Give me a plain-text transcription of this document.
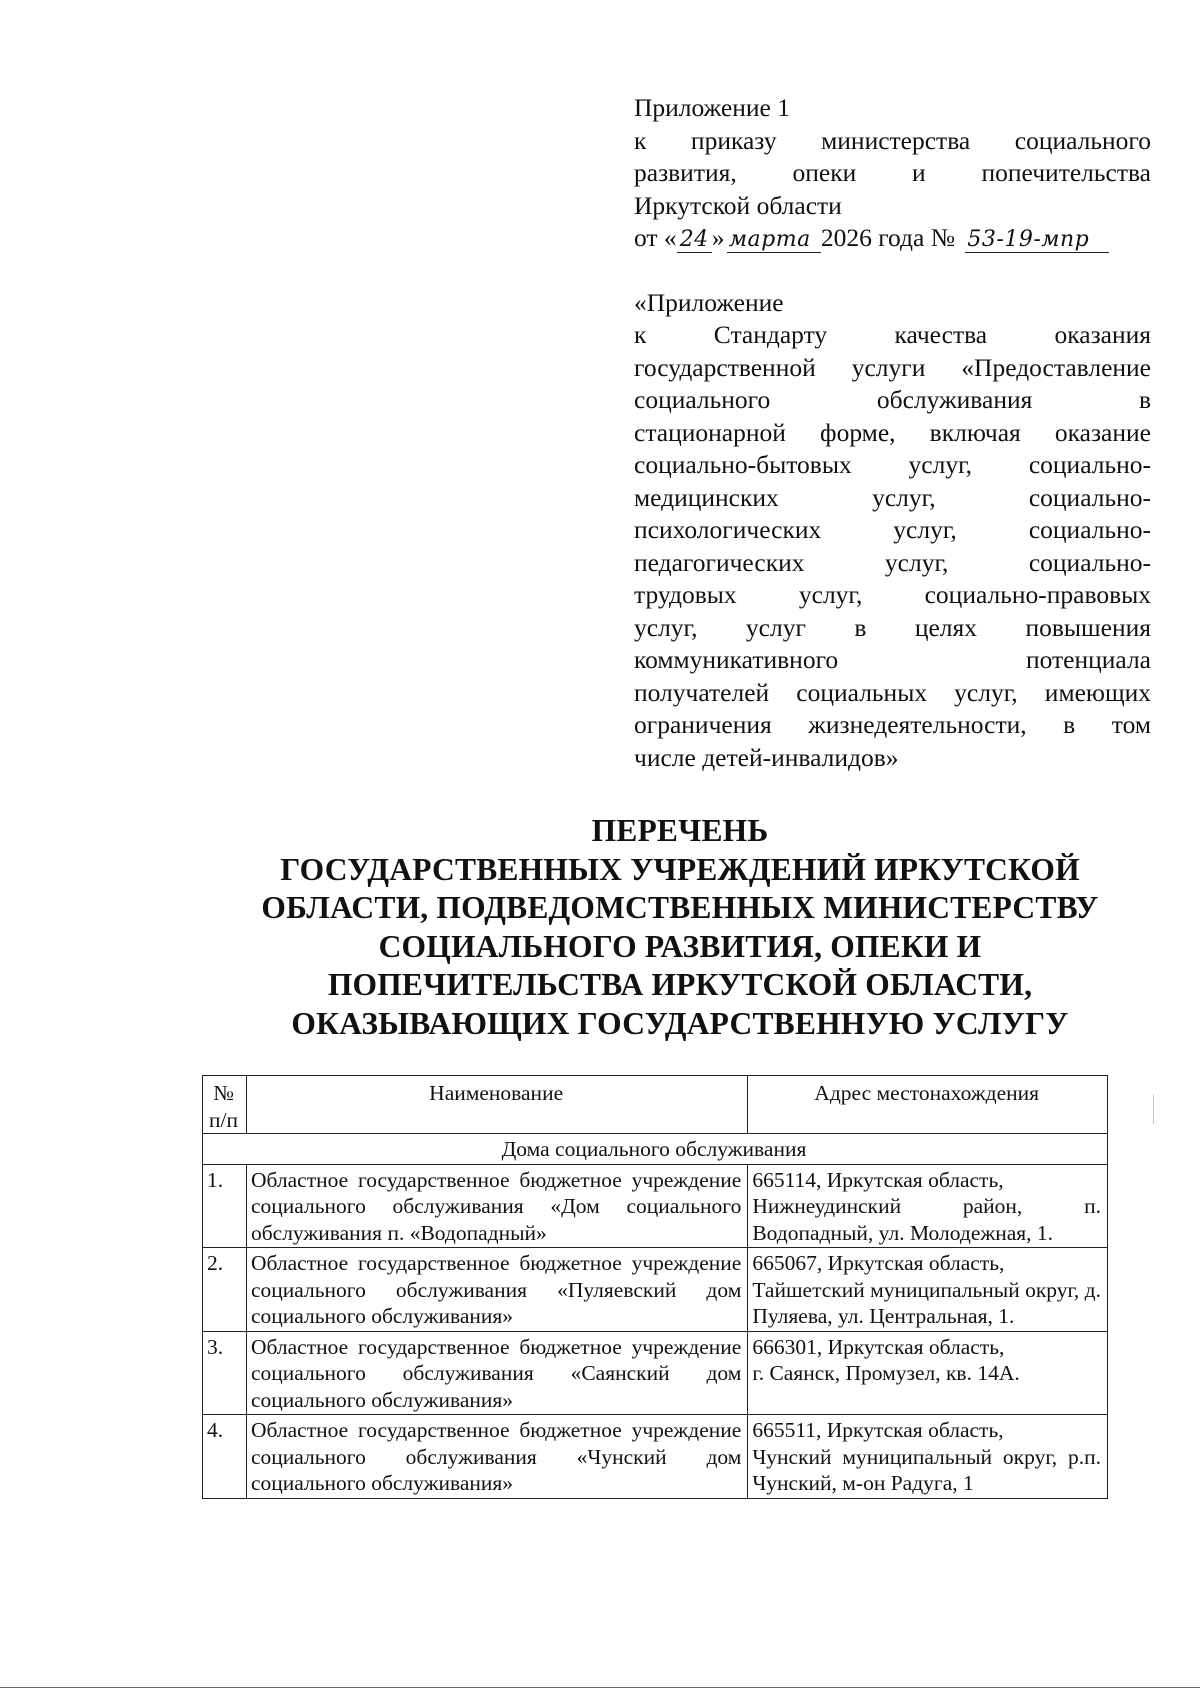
Приложение 1

к приказу министерства социального

развития, опеки и попечительства

Иркутской области

от « 24 » марта 2026 года № 53-19-мпр

«Приложение

к Стандарту качества оказания

государственной услуги «Предоставление

социального обслуживания в

стационарной форме, включая оказание

социально-бытовых услуг, социально-

медицинских услуг, социально-

психологических услуг, социально-

педагогических услуг, социально-

трудовых услуг, социально-правовых

услуг, услуг в целях повышения

коммуникативного потенциала

получателей социальных услуг, имеющих

ограничения жизнедеятельности, в том

числе детей-инвалидов»

ПЕРЕЧЕНЬ
ГОСУДАРСТВЕННЫХ УЧРЕЖДЕНИЙ ИРКУТСКОЙ
ОБЛАСТИ, ПОДВЕДОМСТВЕННЫХ МИНИСТЕРСТВУ
СОЦИАЛЬНОГО РАЗВИТИЯ, ОПЕКИ И
ПОПЕЧИТЕЛЬСТВА ИРКУТСКОЙ ОБЛАСТИ,
ОКАЗЫВАЮЩИХ ГОСУДАРСТВЕННУЮ УСЛУГУ
№
п/п	Наименование	Адрес местонахождения
Дома социального обслуживания		
1.	Областное государственное бюджетное учреждение социального обслуживания «Дом социального обслуживания п. «Водопадный»	665114, Иркутская область,
Нижнеудинский район, п. Водопадный, ул. Молодежная, 1.

2.	Областное государственное бюджетное учреждение социального обслуживания «Пуляевский дом социального обслуживания»	665067, Иркутская область,
Тайшетский муниципальный округ, д. Пуляева, ул. Центральная, 1.

3.	Областное государственное бюджетное учреждение социального обслуживания «Саянский дом социального обслуживания»	666301, Иркутская область,
г. Саянск, Промузел, кв. 14А.

4.	Областное государственное бюджетное учреждение социального обслуживания «Чунский дом социального обслуживания»	665511, Иркутская область,
Чунский муниципальный округ, р.п. Чунский, м-он Радуга, 1
